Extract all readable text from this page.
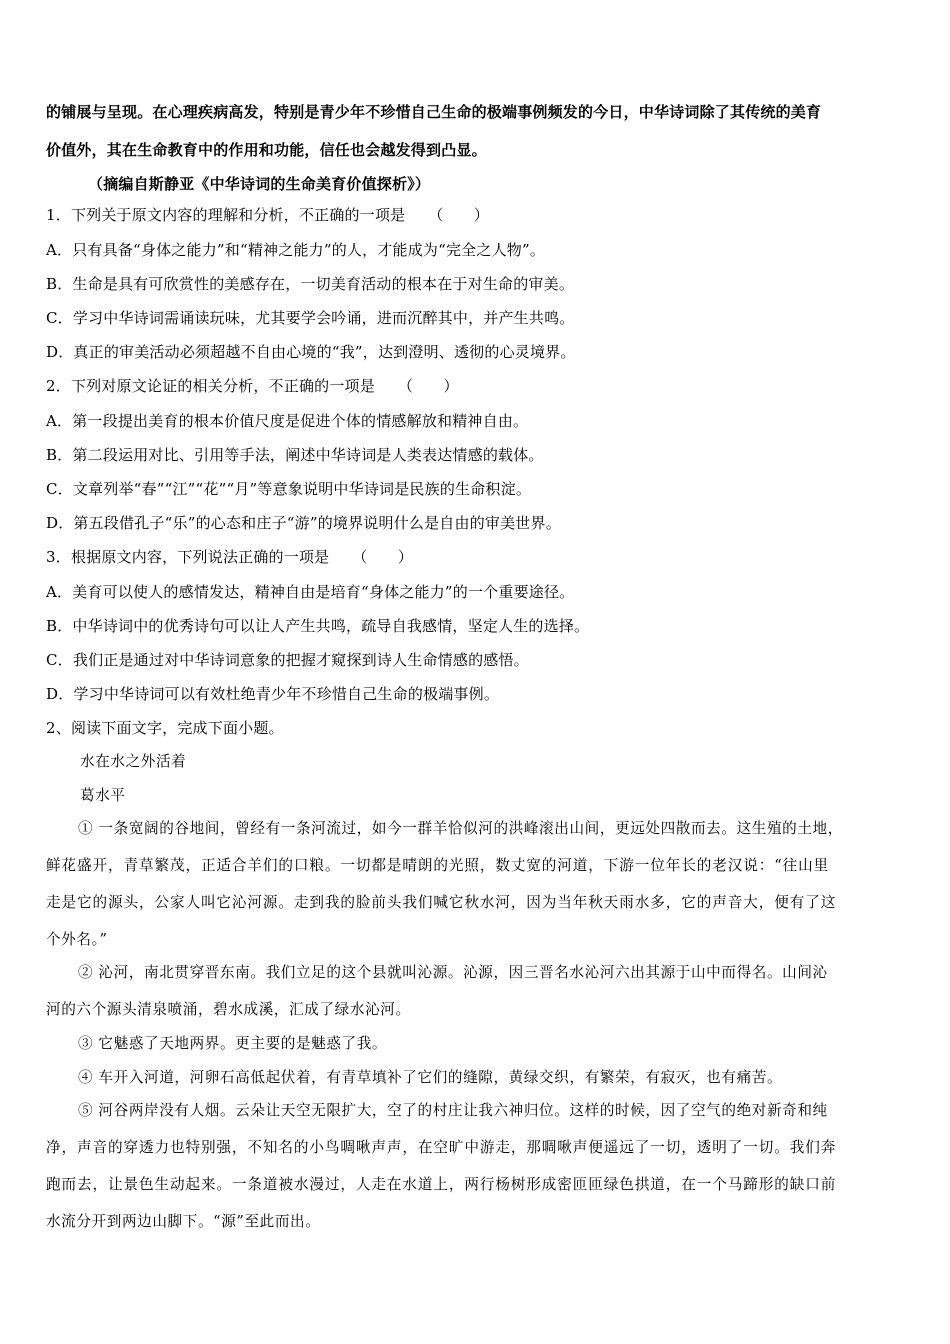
的铺展与呈现。在心理疾病高发，特别是青少年不珍惜自己生命的极端事例频发的今日，中华诗词除了其传统的美育
价值外，其在生命教育中的作用和功能，信任也会越发得到凸显。
（摘编自斯静亚《中华诗词的生命美育价值探析》）
1．下列关于原文内容的理解和分析，不正确的一项是　　（　　）
A．只有具备“身体之能力”和“精神之能力”的人，才能成为“完全之人物”。
B．生命是具有可欣赏性的美感存在，一切美育活动的根本在于对生命的审美。
C．学习中华诗词需诵读玩味，尤其要学会吟诵，进而沉醉其中，并产生共鸣。
D．真正的审美活动必须超越不自由心境的“我”，达到澄明、透彻的心灵境界。
2．下列对原文论证的相关分析，不正确的一项是　　（　　）
A．第一段提出美育的根本价值尺度是促进个体的情感解放和精神自由。
B．第二段运用对比、引用等手法，阐述中华诗词是人类表达情感的载体。
C．文章列举“春”“江”“花”“月”等意象说明中华诗词是民族的生命积淀。
D．第五段借孔子“乐”的心态和庄子“游”的境界说明什么是自由的审美世界。
3．根据原文内容，下列说法正确的一项是　　（　　）
A．美育可以使人的感情发达，精神自由是培育“身体之能力”的一个重要途径。
B．中华诗词中的优秀诗句可以让人产生共鸣，疏导自我感情，坚定人生的选择。
C．我们正是通过对中华诗词意象的把握才窥探到诗人生命情感的感悟。
D．学习中华诗词可以有效杜绝青少年不珍惜自己生命的极端事例。
2、阅读下面文字，完成下面小题。
水在水之外活着
葛水平
① 一条宽阔的谷地间，曾经有一条河流过，如今一群羊恰似河的洪峰滚出山间，更远处四散而去。这生殖的土地，
鲜花盛开，青草繁茂，正适合羊们的口粮。一切都是晴朗的光照，数丈宽的河道，下游一位年长的老汉说：“往山里
走是它的源头，公家人叫它沁河源。走到我的脸前头我们喊它秋水河，因为当年秋天雨水多，它的声音大，便有了这
个外名。”
② 沁河，南北贯穿晋东南。我们立足的这个县就叫沁源。沁源，因三晋名水沁河六出其源于山中而得名。山间沁
河的六个源头清泉喷涌，碧水成溪，汇成了绿水沁河。
③ 它魅惑了天地两界。更主要的是魅惑了我。
④ 车开入河道，河卵石高低起伏着，有青草填补了它们的缝隙，黄绿交织，有繁荣，有寂灭，也有痛苦。
⑤ 河谷两岸没有人烟。云朵让天空无限扩大，空了的村庄让我六神归位。这样的时候，因了空气的绝对新奇和纯
净，声音的穿透力也特别强，不知名的小鸟啁啾声声，在空旷中游走，那啁啾声便遥远了一切，透明了一切。我们奔
跑而去，让景色生动起来。一条道被水漫过，人走在水道上，两行杨树形成密匝匝绿色拱道，在一个马蹄形的缺口前
水流分开到两边山脚下。“源”至此而出。
